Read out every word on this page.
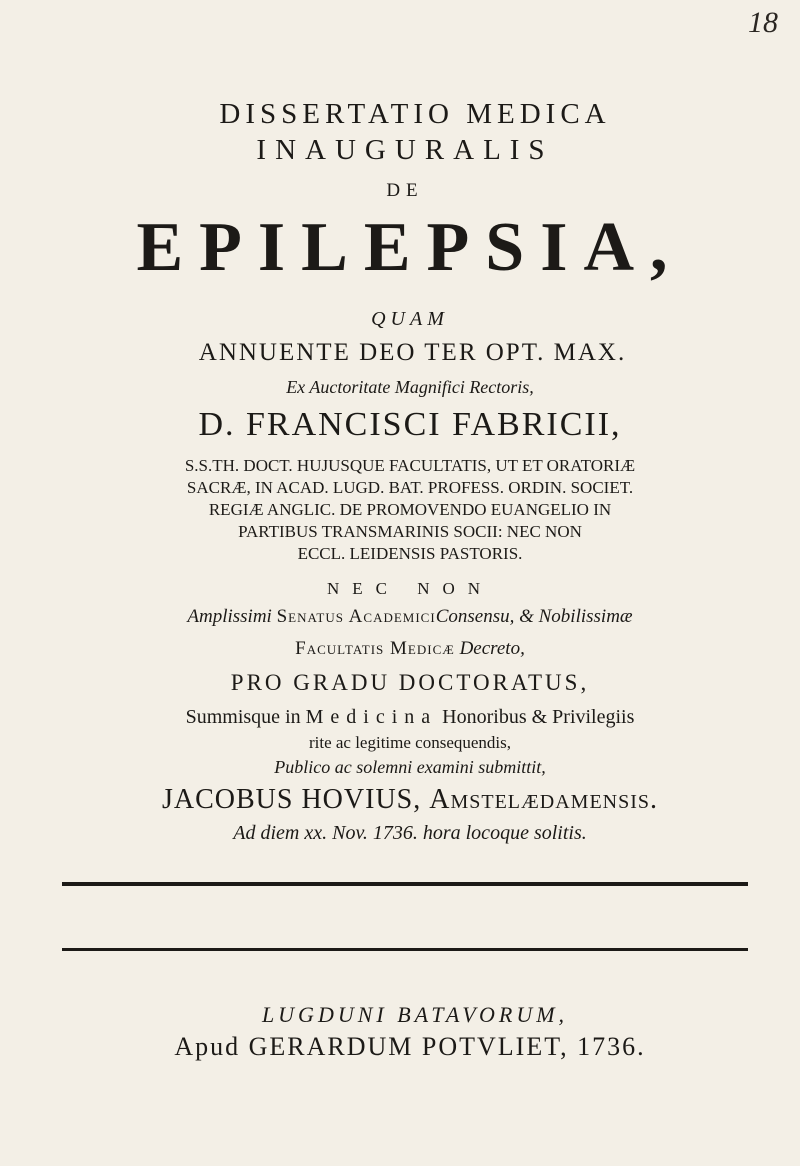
18
DISSERTATIO MEDICA
INAUGURALIS
DE
EPILEPSIA,
QUAM
ANNUENTE DEO TER OPT. MAX.
Ex Auctoritate Magnifici Rectoris,
D. FRANCISCI FABRICII,
S.S.TH. DOCT. HUJUSQUE FACULTATIS, UT ET ORATORIÆ
SACRÆ, IN ACAD. LUGD. BAT. PROFESS. ORDIN. SOCIET.
REGIÆ ANGLIC. DE PROMOVENDO EUANGELIO IN
PARTIBUS TRANSMARINIS SOCII: NEC NON
ECCL. LEIDENSIS PASTORIS.
NEC NON
Amplissimi Senatus AcademiciConsensu, & Nobilissimæ
Facultatis Medicæ Decreto,
PRO GRADU DOCTORATUS,
Summisque in Medicina Honoribus & Privilegiis
rite ac legitime consequendis,
Publico ac solemni examini submittit,
JACOBUS HOVIUS, Amstelædamensis.
Ad diem xx. Nov. 1736. hora locoque solitis.
LUGDUNI BATAVORUM,
Apud GERARDUM POTVLIET, 1736.
